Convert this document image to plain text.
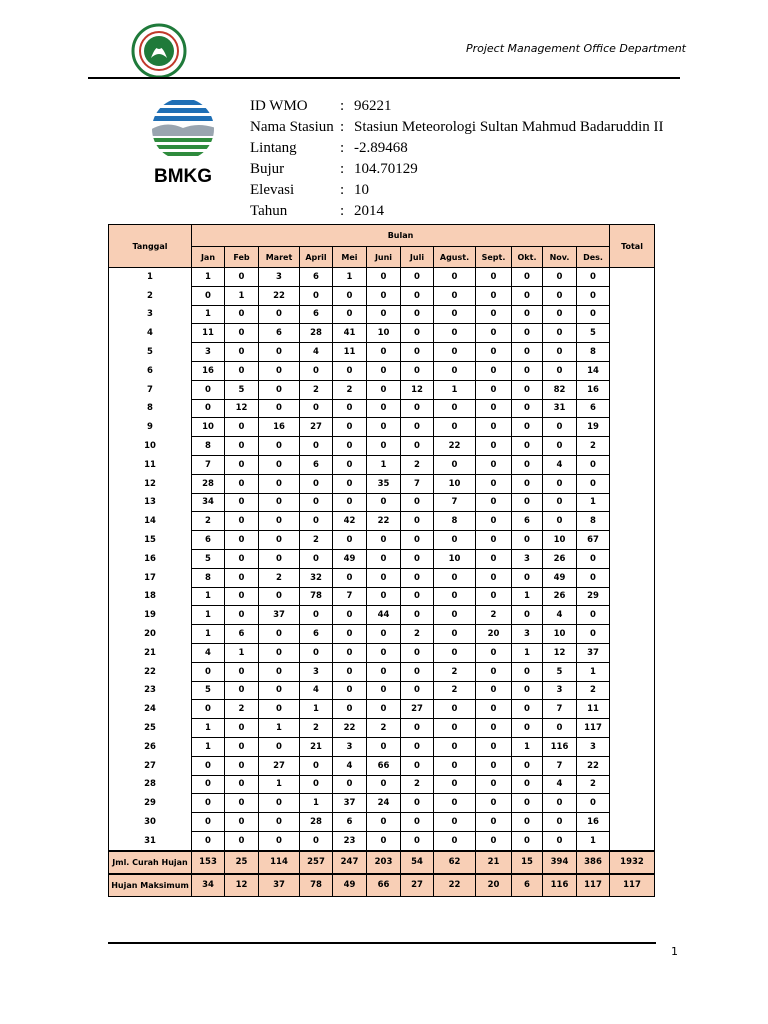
Project Management Office Department
BMKG
ID WMO	: 96221
Nama Stasiun : Stasiun Meteorologi Sultan Mahmud Badaruddin II
Lintang	: -2.89468
Bujur	: 104.70129
Elevasi	: 10
Tahun	: 2014
Tanggal	Bulan												Total
	Jan	Feb	Maret	April	Mei	Juni	Juli	Agust.	Sept.	Okt.	Nov.	Des.	
1	1	0	3	6	1	0	0	0	0	0	0	0	
2	0	1	22	0	0	0	0	0	0	0	0	0	
3	1	0	0	6	0	0	0	0	0	0	0	0	
4	11	0	6	28	41	10	0	0	0	0	0	5	
5	3	0	0	4	11	0	0	0	0	0	0	8	
6	16	0	0	0	0	0	0	0	0	0	0	14	
7	0	5	0	2	2	0	12	1	0	0	82	16	
8	0	12	0	0	0	0	0	0	0	0	31	6	
9	10	0	16	27	0	0	0	0	0	0	0	19	
10	8	0	0	0	0	0	0	22	0	0	0	2	
11	7	0	0	6	0	1	2	0	0	0	4	0	
12	28	0	0	0	0	35	7	10	0	0	0	0	
13	34	0	0	0	0	0	0	7	0	0	0	1	
14	2	0	0	0	42	22	0	8	0	6	0	8	
15	6	0	0	2	0	0	0	0	0	0	10	67	
16	5	0	0	0	49	0	0	10	0	3	26	0	
17	8	0	2	32	0	0	0	0	0	0	49	0	
18	1	0	0	78	7	0	0	0	0	1	26	29	
19	1	0	37	0	0	44	0	0	2	0	4	0	
20	1	6	0	6	0	0	2	0	20	3	10	0	
21	4	1	0	0	0	0	0	0	0	1	12	37	
22	0	0	0	3	0	0	0	2	0	0	5	1	
23	5	0	0	4	0	0	0	2	0	0	3	2	
24	0	2	0	1	0	0	27	0	0	0	7	11	
25	1	0	1	2	22	2	0	0	0	0	0	117	
26	1	0	0	21	3	0	0	0	0	1	116	3	
27	0	0	27	0	4	66	0	0	0	0	7	22	
28	0	0	1	0	0	0	2	0	0	0	4	2	
29	0	0	0	1	37	24	0	0	0	0	0	0	
30	0	0	0	28	6	0	0	0	0	0	0	16	
31	0	0	0	0	23	0	0	0	0	0	0	1	
Jml. Curah Hujan	153	25	114	257	247	203	54	62	21	15	394	386	1932
Hujan Maksimum	34	12	37	78	49	66	27	22	20	6	116	117	117
1
